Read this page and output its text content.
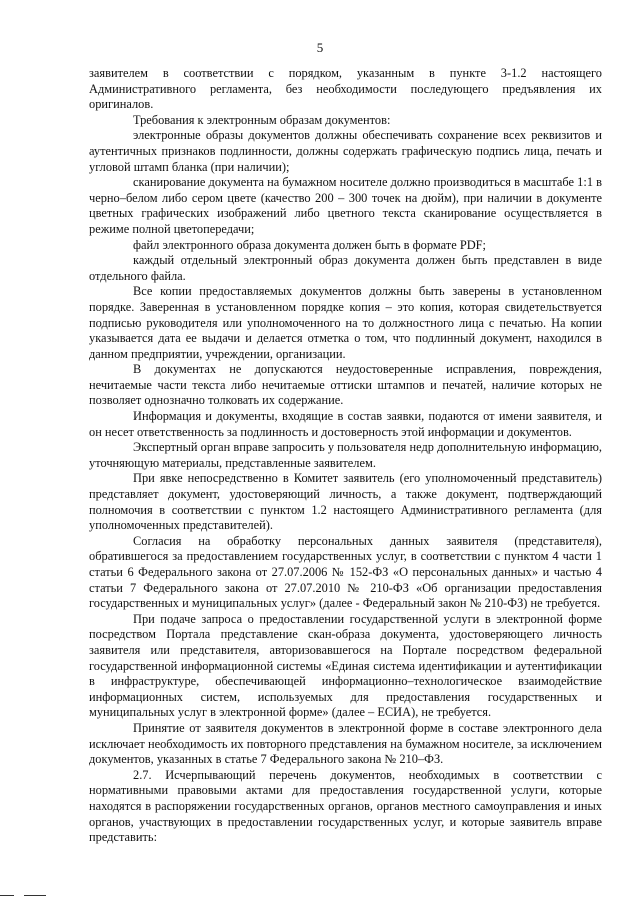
5

заявителем в соответствии с порядком, указанным в пункте 3-1.2 настоящего Административного регламента, без необходимости последующего предъявления их оригиналов.

Требования к электронным образам документов:

электронные образы документов должны обеспечивать сохранение всех реквизитов и аутентичных признаков подлинности, должны содержать графическую подпись лица, печать и угловой штамп бланка (при наличии);

сканирование документа на бумажном носителе должно производиться в масштабе 1:1 в черно–белом либо сером цвете (качество 200 – 300 точек на дюйм), при наличии в документе цветных графических изображений либо цветного текста сканирование осуществляется в режиме полной цветопередачи;

файл электронного образа документа должен быть в формате PDF;

каждый отдельный электронный образ документа должен быть представлен в виде отдельного файла.

Все копии предоставляемых документов должны быть заверены в установленном порядке. Заверенная в установленном порядке копия – это копия, которая свидетельствуется подписью руководителя или уполномоченного на то должностного лица с печатью. На копии указывается дата ее выдачи и делается отметка о том, что подлинный документ, находился в данном предприятии, учреждении, организации.

В документах не допускаются неудостоверенные исправления, повреждения, нечитаемые части текста либо нечитаемые оттиски штампов и печатей, наличие которых не позволяет однозначно толковать их содержание.

Информация и документы, входящие в состав заявки, подаются от имени заявителя, и он несет ответственность за подлинность и достоверность этой информации и документов.

Экспертный орган вправе запросить у пользователя недр дополнительную информацию, уточняющую материалы, представленные заявителем.

При явке непосредственно в Комитет заявитель (его уполномоченный представитель) представляет документ, удостоверяющий личность, а также документ, подтверждающий полномочия в соответствии с пунктом 1.2 настоящего Административного регламента (для уполномоченных представителей).

Согласия на обработку персональных данных заявителя (представителя), обратившегося за предоставлением государственных услуг, в соответствии с пунктом 4 части 1 статьи 6 Федерального закона от 27.07.2006 № 152-ФЗ «О персональных данных» и частью 4 статьи 7 Федерального закона от 27.07.2010 № 210-ФЗ «Об организации предоставления государственных и муниципальных услуг» (далее - Федеральный закон № 210-ФЗ) не требуется.

При подаче запроса о предоставлении государственной услуги в электронной форме посредством Портала представление скан-образа документа, удостоверяющего личность заявителя или представителя, авторизовавшегося на Портале посредством федеральной государственной информационной системы «Единая система идентификации и аутентификации в инфраструктуре, обеспечивающей информационно–технологическое взаимодействие информационных систем, используемых для предоставления государственных и муниципальных услуг в электронной форме» (далее – ЕСИА), не требуется.

Принятие от заявителя документов в электронной форме в составе электронного дела исключает необходимость их повторного представления на бумажном носителе, за исключением документов, указанных в статье 7 Федерального закона № 210–ФЗ.

2.7. Исчерпывающий перечень документов, необходимых в соответствии с нормативными правовыми актами для предоставления государственной услуги, которые находятся в распоряжении государственных органов, органов местного самоуправления и иных органов, участвующих в предоставлении государственных услуг, и которые заявитель вправе представить:
